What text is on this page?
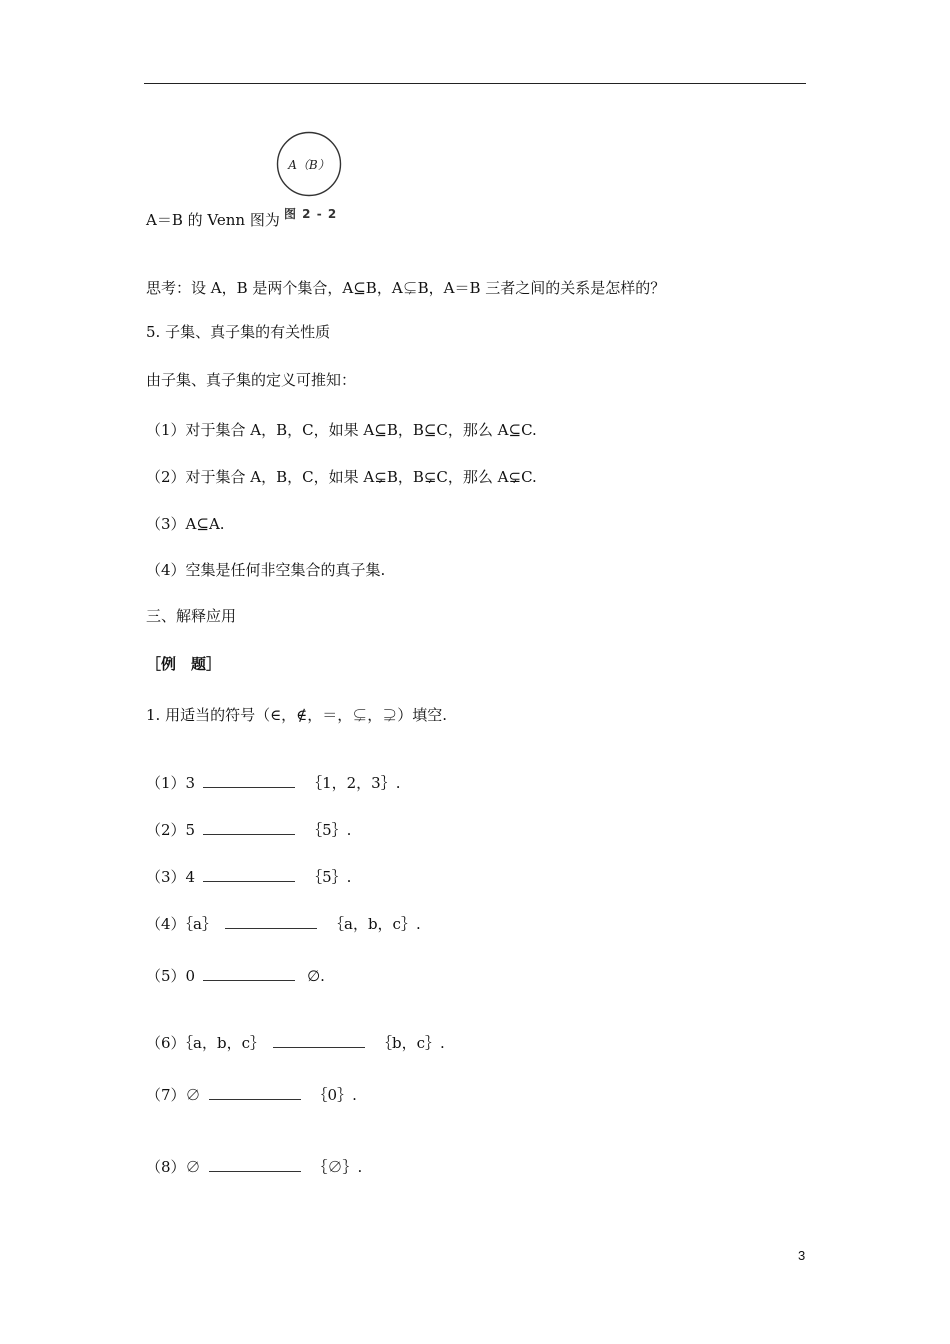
A（B）
图 2 - 2
A＝B 的 Venn 图为
思考：设 A，B 是两个集合，A⊆B，A⊊B，A＝B 三者之间的关系是怎样的？
5. 子集、真子集的有关性质
由子集、真子集的定义可推知：
（1）对于集合 A，B，C，如果 A⊆B，B⊆C，那么 A⊆C.
（2）对于集合 A，B，C，如果 A⊊B，B⊊C，那么 A⊊C.
（3）A⊆A.
（4）空集是任何非空集合的真子集.
三、解释应用
［例　题］
1. 用适当的符号（∈，∉，＝，⊊，⊋）填空.
（1）3	｛1，2，3｝.
（2）5	｛5｝.
（3）4	｛5｝.
（4）｛a｝	｛a，b，c｝.
（5）0	∅.
（6）｛a，b，c｝	｛b，c｝.
（7）∅	｛0｝.
（8）∅	｛∅｝.
3
